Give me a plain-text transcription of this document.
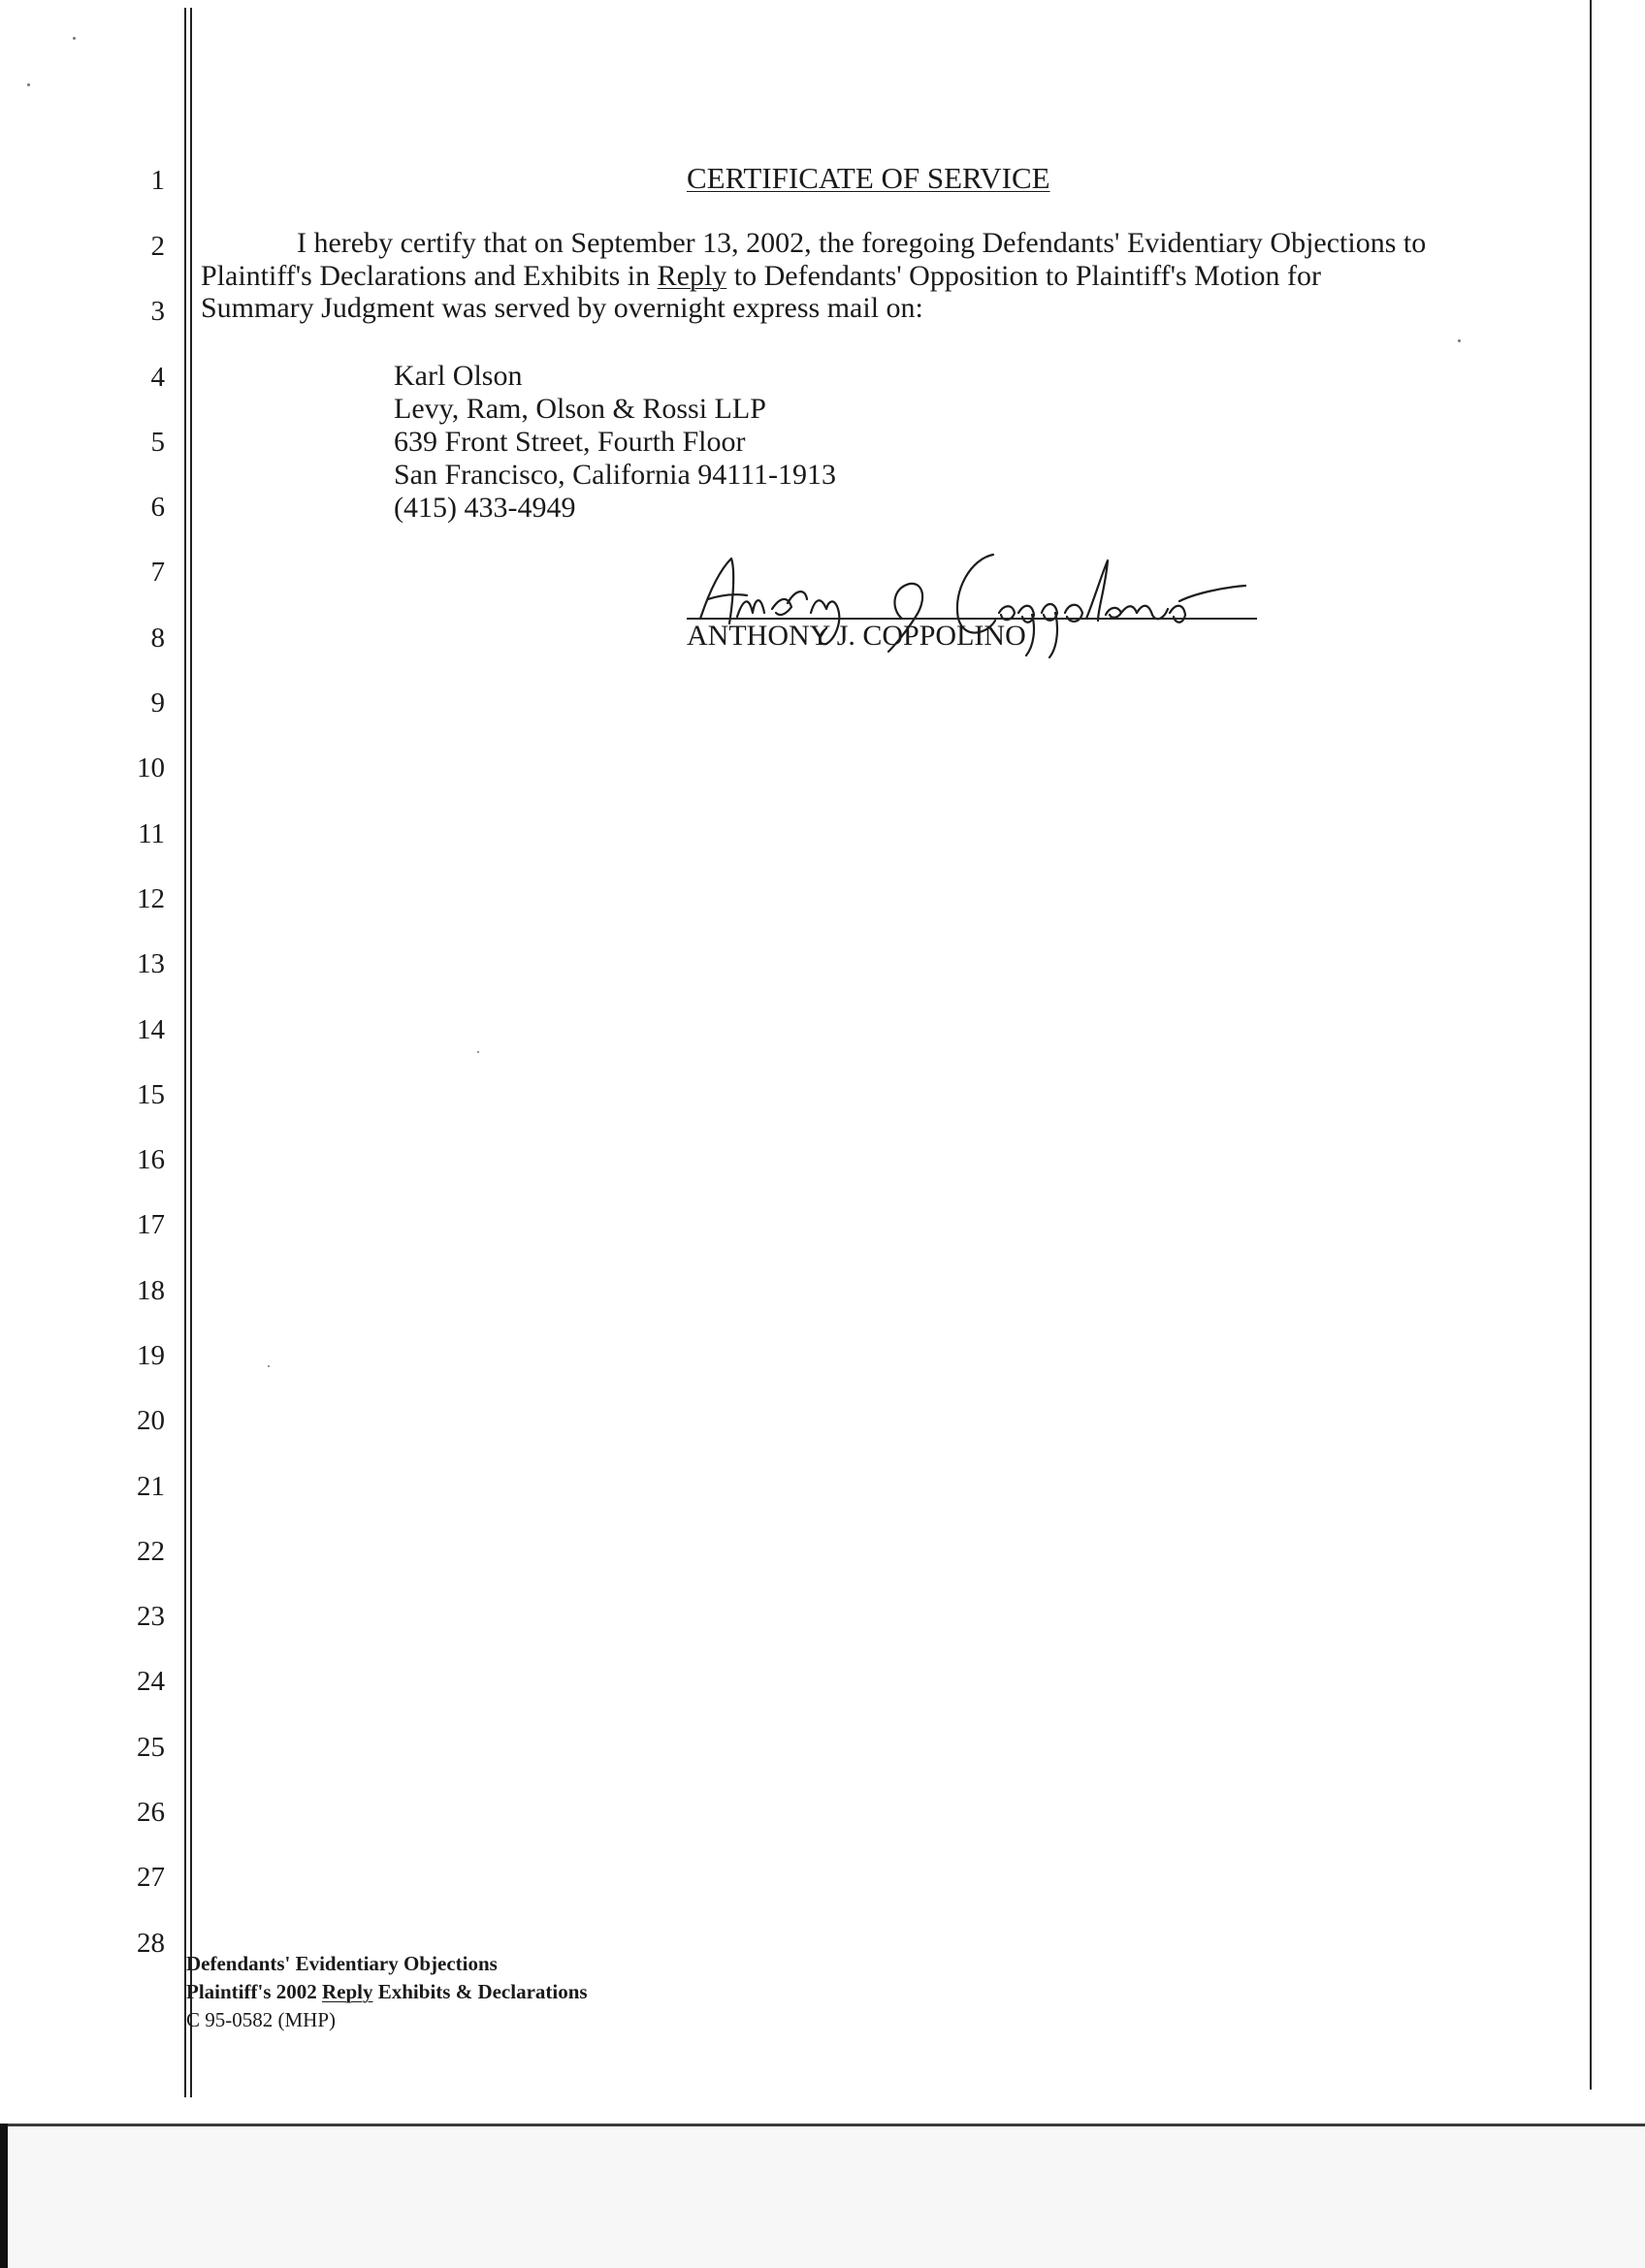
1
2
3
4
5
6
7
8
9
10
11
12
13
14
15
16
17
18
19
20
21
22
23
24
25
26
27
28
CERTIFICATE OF SERVICE
I hereby certify that on September 13, 2002, the foregoing Defendants' Evidentiary Objections to
Plaintiff's Declarations and Exhibits in Reply to Defendants' Opposition to Plaintiff's Motion for
Summary Judgment was served by overnight express mail on:
Karl Olson
Levy, Ram, Olson & Rossi LLP
639 Front Street, Fourth Floor
San Francisco, California 94111-1913
(415) 433-4949
ANTHONY J. COPPOLINO
Defendants' Evidentiary Objections
Plaintiff's 2002 Reply Exhibits & Declarations
C 95-0582 (MHP)
